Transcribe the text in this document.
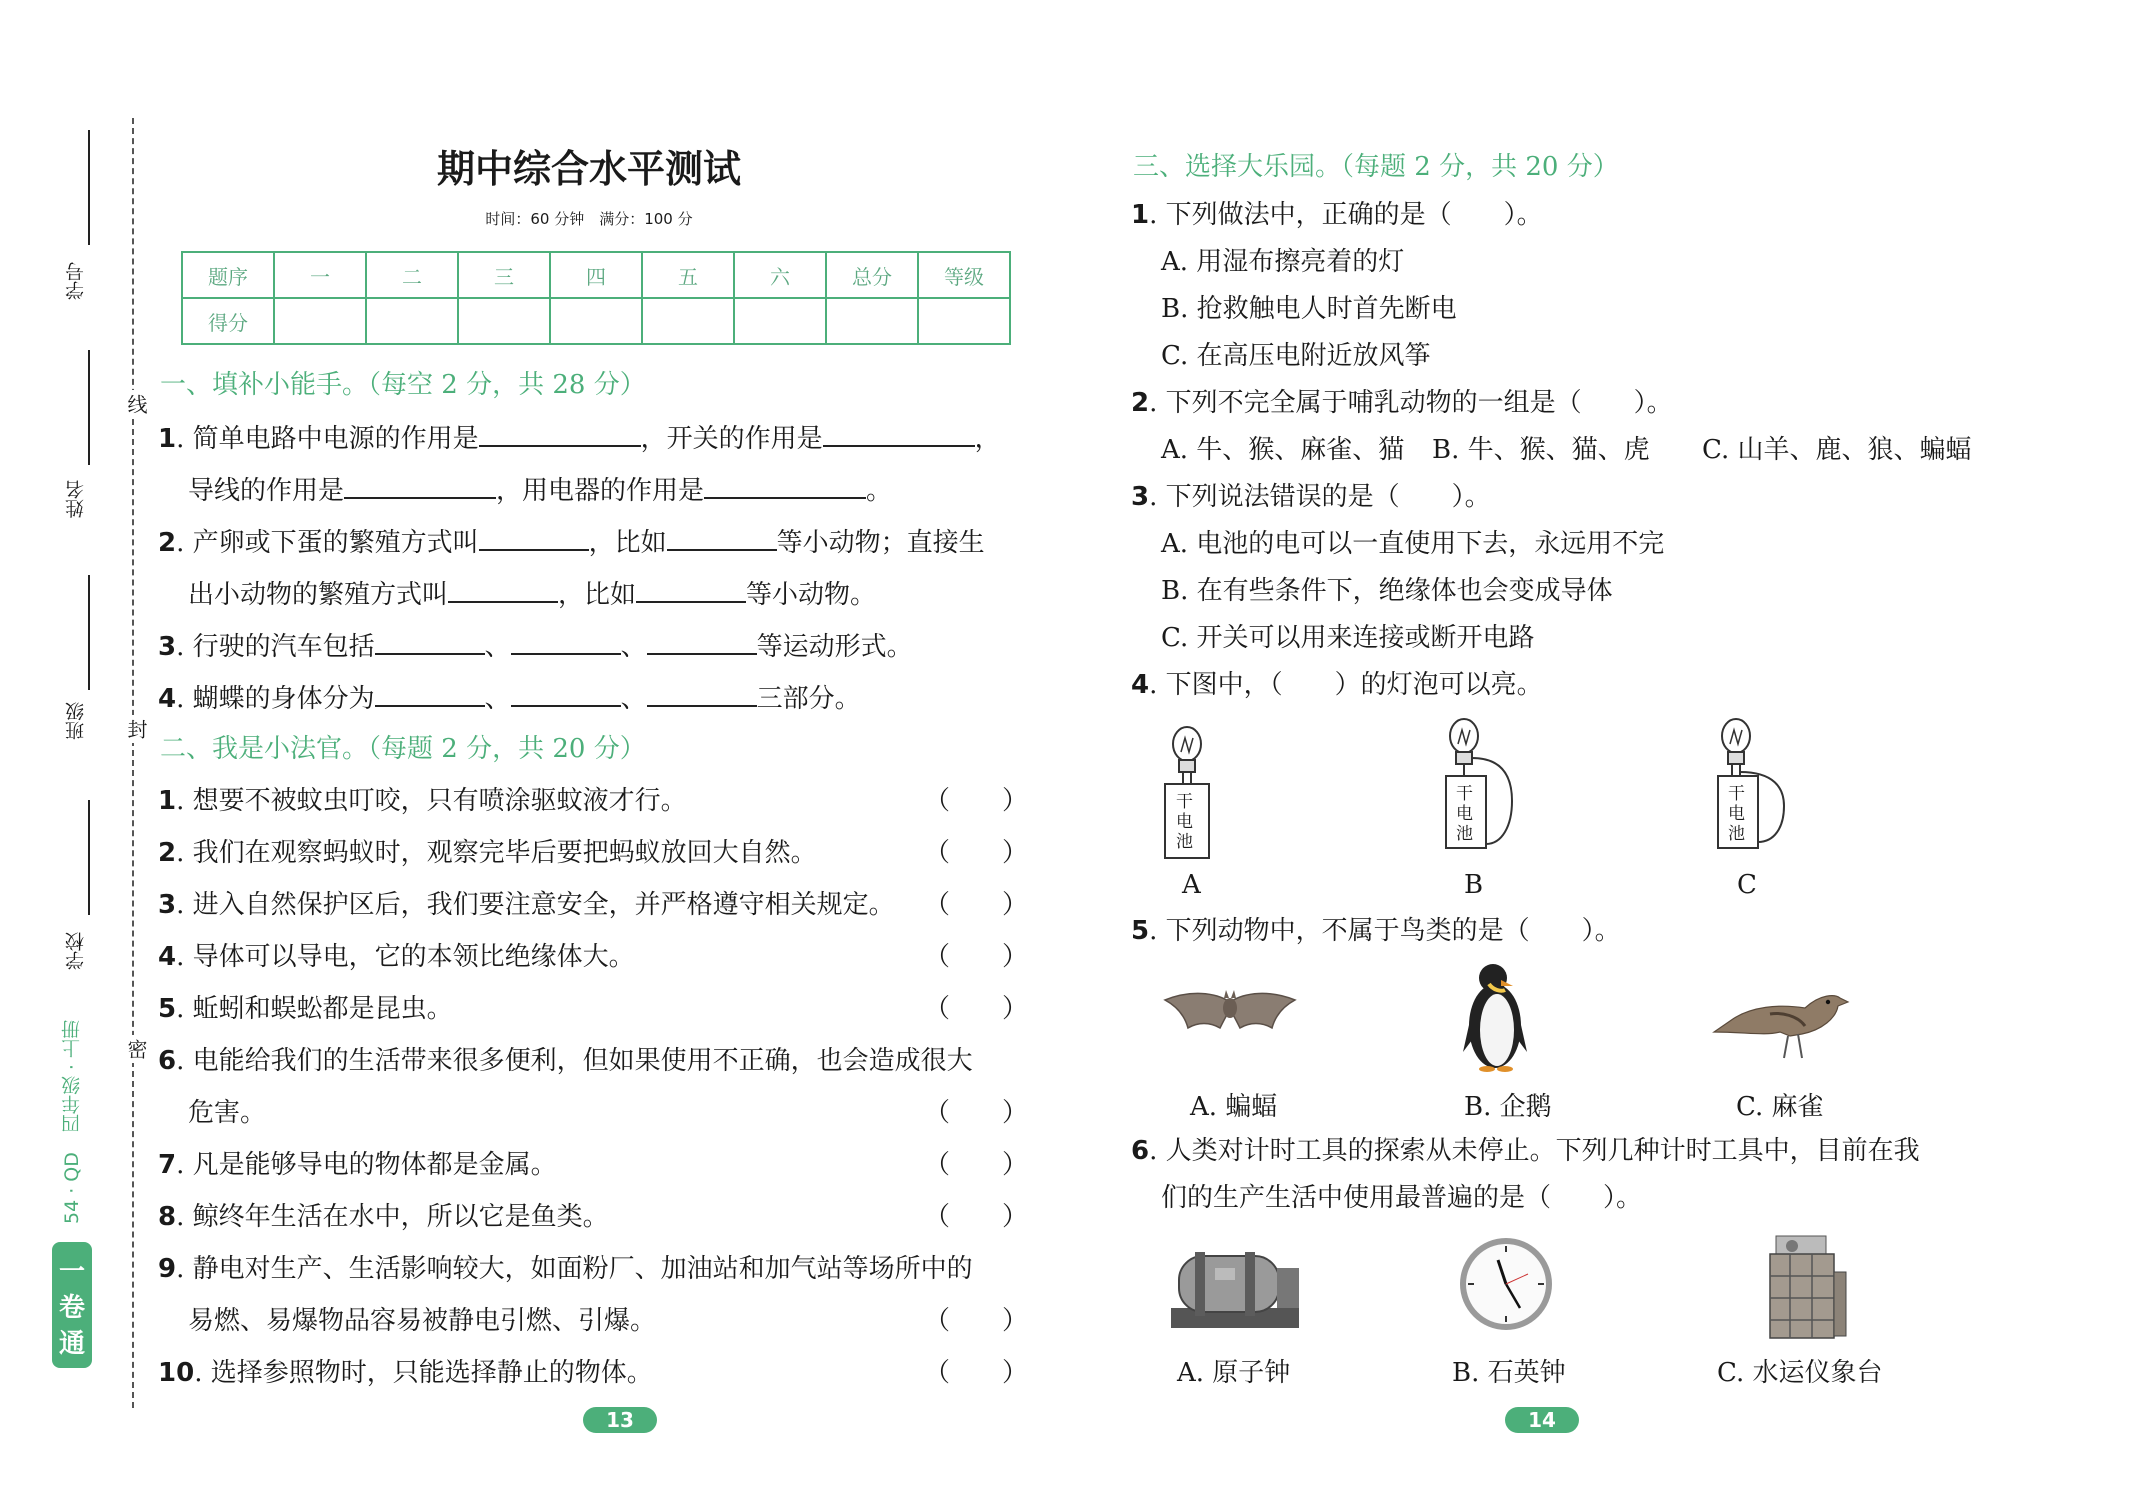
学号
姓名
班级
学校
线
封
密
54 · QD　四年级 · 上册
一
卷
通
期中综合水平测试
时间：60 分钟　满分：100 分
题序	一	二	三	四	五	六	总分	等级
得分								
一、填补小能手。（每空 2 分，共 28 分）
1. 简单电路中电源的作用是	，开关的作用是	，
导线的作用是	，用电器的作用是	。
2. 产卵或下蛋的繁殖方式叫	，比如	等小动物；直接生
出小动物的繁殖方式叫	，比如	等小动物。
3. 行驶的汽车包括	、	、	等运动形式。
4. 蝴蝶的身体分为	、	、	三部分。
二、我是小法官。（每题 2 分，共 20 分）
1. 想要不被蚊虫叮咬，只有喷涂驱蚊液才行。	（　　）
2. 我们在观察蚂蚁时，观察完毕后要把蚂蚁放回大自然。	（　　）
3. 进入自然保护区后，我们要注意安全，并严格遵守相关规定。 （　　）
4. 导体可以导电，它的本领比绝缘体大。	（　　）
5. 蚯蚓和蜈蚣都是昆虫。	（　　）
6. 电能给我们的生活带来很多便利，但如果使用不正确，也会造成很大
危害。	（　　）
7. 凡是能够导电的物体都是金属。	（　　）
8. 鲸终年生活在水中，所以它是鱼类。	（　　）
9. 静电对生产、生活影响较大，如面粉厂、加油站和加气站等场所中的
易燃、易爆物品容易被静电引燃、引爆。	（　　）
10. 选择参照物时，只能选择静止的物体。	（　　）
13
三、选择大乐园。（每题 2 分，共 20 分）
1. 下列做法中，正确的是（　　）。
A. 用湿布擦亮着的灯
B. 抢救触电人时首先断电
C. 在高压电附近放风筝
2. 下列不完全属于哺乳动物的一组是（　　）。
A. 牛、猴、麻雀、猫 B. 牛、猴、猫、虎 C. 山羊、鹿、狼、蝙蝠
3. 下列说法错误的是（　　）。
A. 电池的电可以一直使用下去，永远用不完
B. 在有些条件下，绝缘体也会变成导体
C. 开关可以用来连接或断开电路
4. 下图中，（　　）的灯泡可以亮。
干电池
干电池
干电池
A	B	C
5. 下列动物中，不属于鸟类的是（　　）。
A. 蝙蝠	B. 企鹅	C. 麻雀
6. 人类对计时工具的探索从未停止。下列几种计时工具中，目前在我
们的生产生活中使用最普遍的是（　　）。
A. 原子钟	B. 石英钟	C. 水运仪象台
14
